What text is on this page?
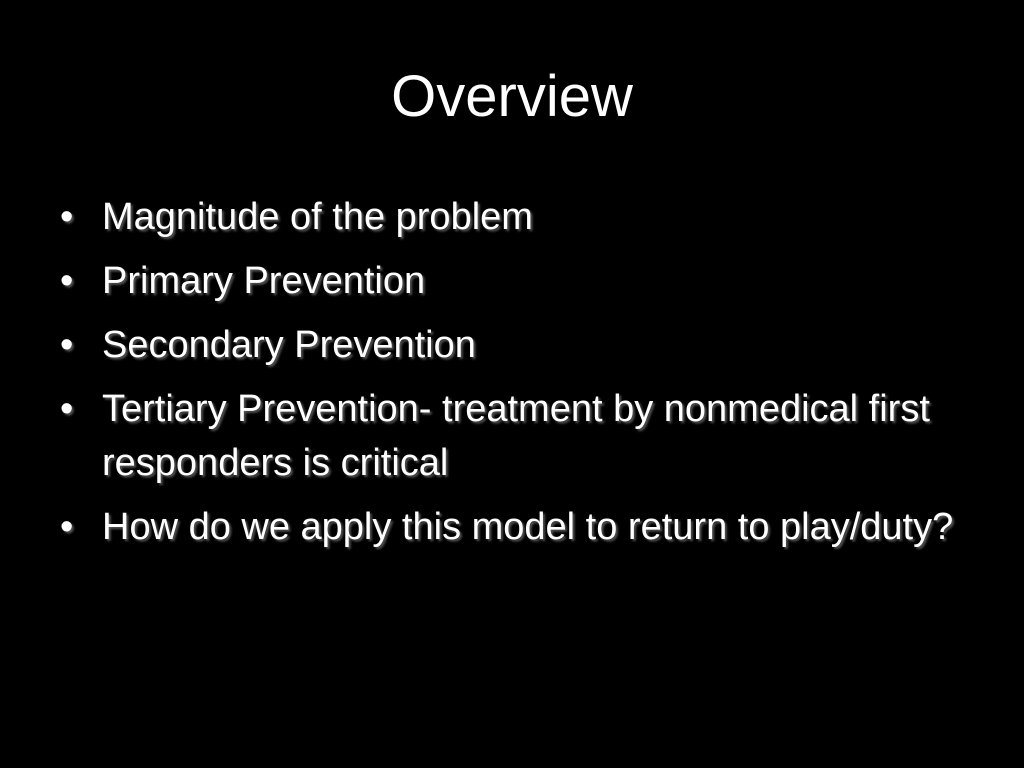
Overview
• Magnitude of the problem
• Primary Prevention
• Secondary Prevention
• Tertiary Prevention- treatment by nonmedical first responders is critical
• How do we apply this model to return to play/duty?
